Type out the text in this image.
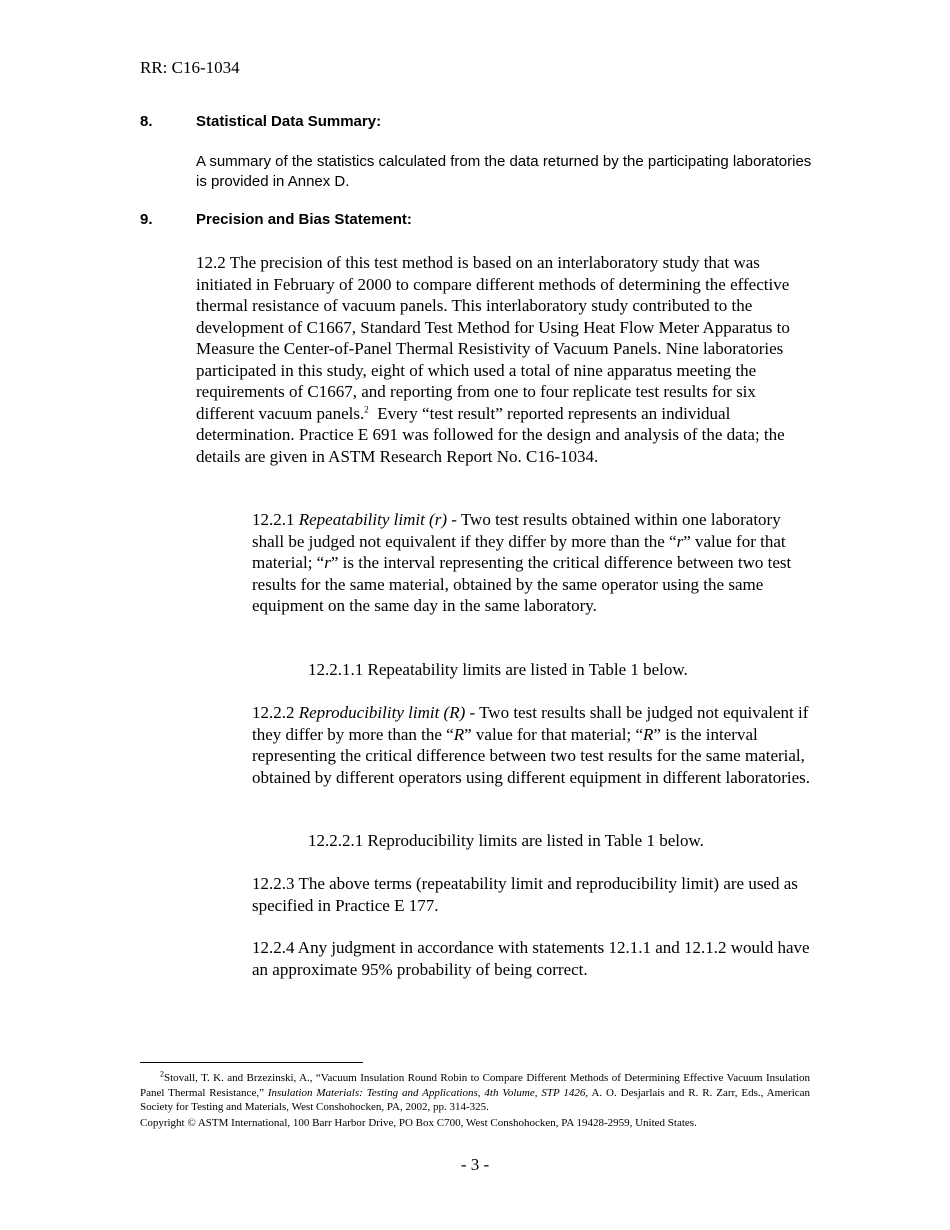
RR: C16-1034
8.	Statistical Data Summary:
A summary of the statistics calculated from the data returned by the participating laboratories is provided in Annex D.
9.	Precision and Bias Statement:
12.2 The precision of this test method is based on an interlaboratory study that was initiated in February of 2000 to compare different methods of determining the effective thermal resistance of vacuum panels. This interlaboratory study contributed to the development of C1667, Standard Test Method for Using Heat Flow Meter Apparatus to Measure the Center-of-Panel Thermal Resistivity of Vacuum Panels. Nine laboratories participated in this study, eight of which used a total of nine apparatus meeting the requirements of C1667, and reporting from one to four replicate test results for six different vacuum panels.$^2$  Every “test result” reported represents an individual determination. Practice E 691 was followed for the design and analysis of the data; the details are given in ASTM Research Report No. C16-1034.
12.2.1 Repeatability limit (r) - Two test results obtained within one laboratory shall be judged not equivalent if they differ by more than the “r” value for that material; “r” is the interval representing the critical difference between two test results for the same material, obtained by the same operator using the same equipment on the same day in the same laboratory.
12.2.1.1 Repeatability limits are listed in Table 1 below.
12.2.2 Reproducibility limit (R) - Two test results shall be judged not equivalent if they differ by more than the “R” value for that material; “R” is the interval representing the critical difference between two test results for the same material, obtained by different operators using different equipment in different laboratories.
12.2.2.1 Reproducibility limits are listed in Table 1 below.
12.2.3 The above terms (repeatability limit and reproducibility limit) are used as specified in Practice E 177.
12.2.4 Any judgment in accordance with statements 12.1.1 and 12.1.2 would have an approximate 95% probability of being correct.
$^2$Stovall, T. K. and Brzezinski, A., “Vacuum Insulation Round Robin to Compare Different Methods of Determining Effective Vacuum Insulation Panel Thermal Resistance,” Insulation Materials: Testing and Applications, 4th Volume, STP 1426, A. O. Desjarlais and R. R. Zarr, Eds., American Society for Testing and Materials, West Conshohocken, PA, 2002, pp. 314-325.
Copyright © ASTM International, 100 Barr Harbor Drive, PO Box C700, West Conshohocken, PA 19428-2959, United States.
- 3 -
